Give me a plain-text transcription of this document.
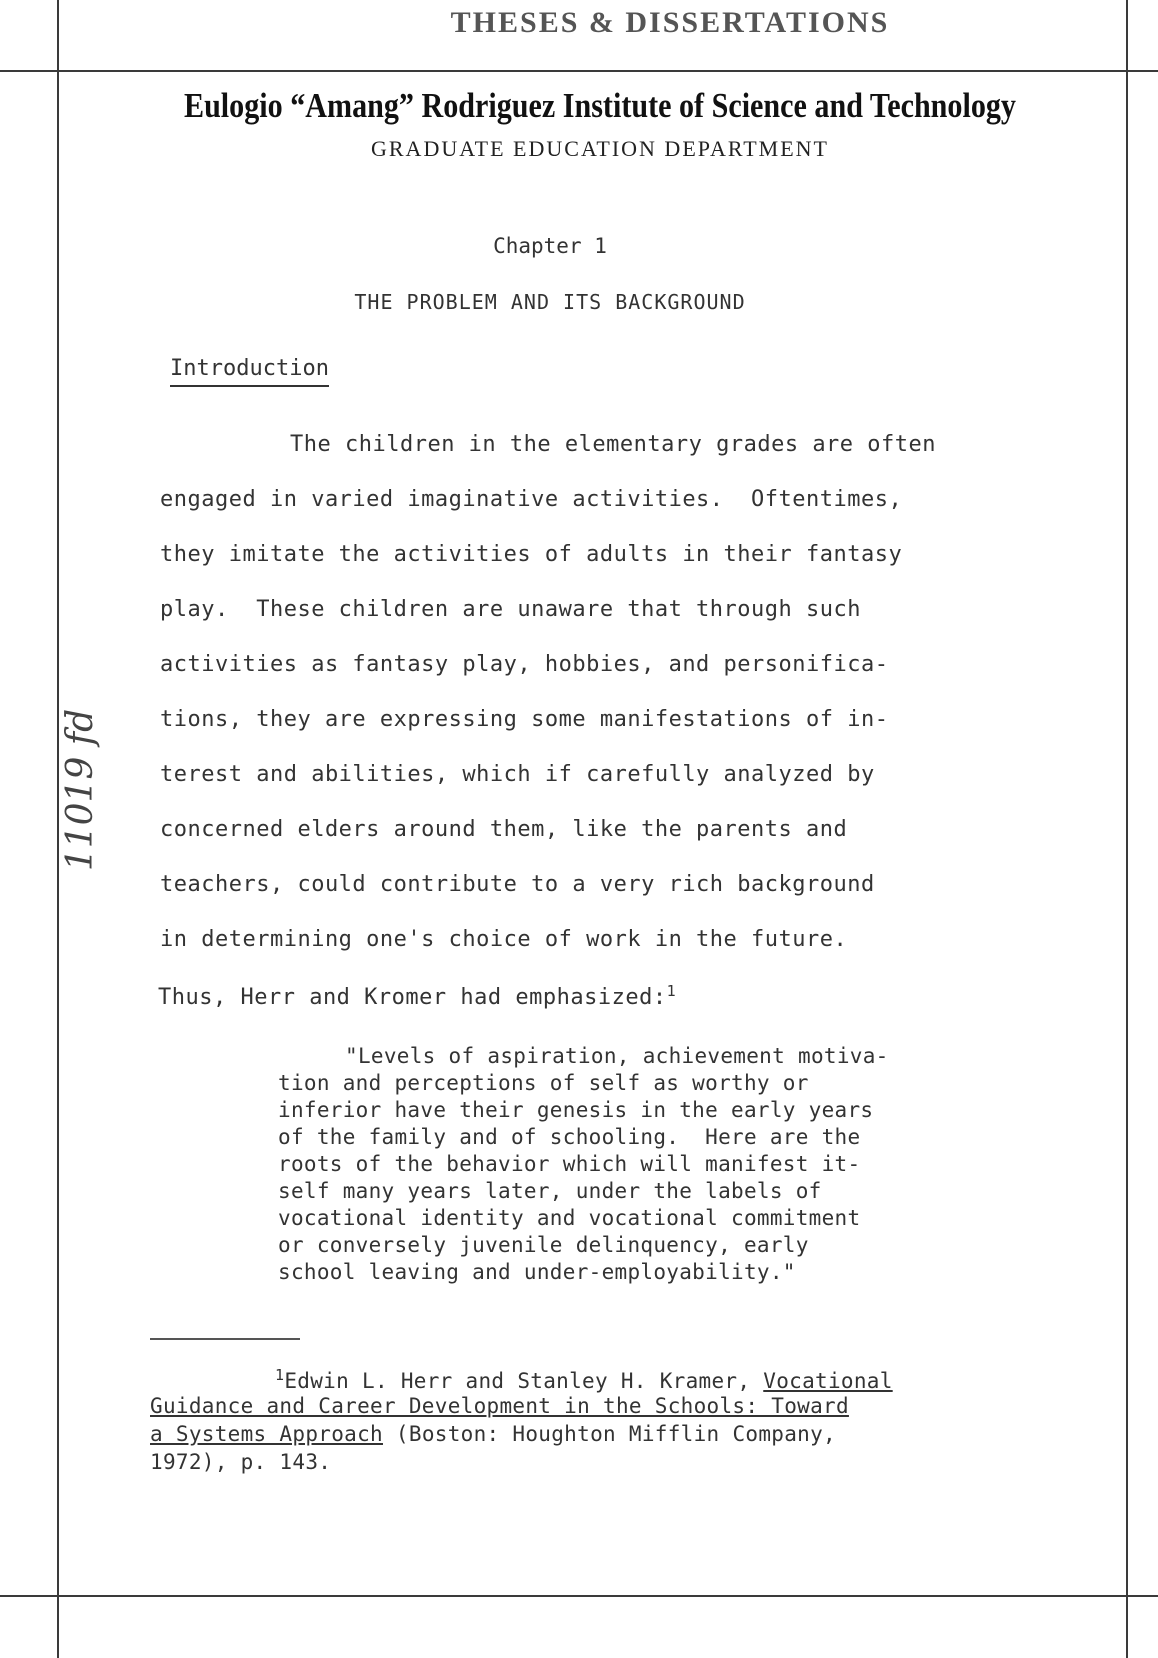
THESES & DISSERTATIONS
Eulogio “Amang” Rodriguez Institute of Science and Technology
GRADUATE EDUCATION DEPARTMENT
Chapter 1
THE PROBLEM AND ITS BACKGROUND
Introduction
The children in the elementary grades are often
engaged in varied imaginative activities.  Oftentimes,
they imitate the activities of adults in their fantasy
play.  These children are unaware that through such
activities as fantasy play, hobbies, and personifica-
tions, they are expressing some manifestations of in-
terest and abilities, which if carefully analyzed by
concerned elders around them, like the parents and
teachers, could contribute to a very rich background
in determining one's choice of work in the future.
Thus, Herr and Kromer had emphasized:$^1$
"Levels of aspiration, achievement motiva-
tion and perceptions of self as worthy or
inferior have their genesis in the early years
of the family and of schooling.  Here are the
roots of the behavior which will manifest it-
self many years later, under the labels of
vocational identity and vocational commitment
or conversely juvenile delinquency, early
school leaving and under-employability."
$^1$Edwin L. Herr and Stanley H. Kramer, Vocational
Guidance and Career Development in the Schools: Toward
a Systems Approach (Boston: Houghton Mifflin Company,
1972), p. 143.
11019 fd
